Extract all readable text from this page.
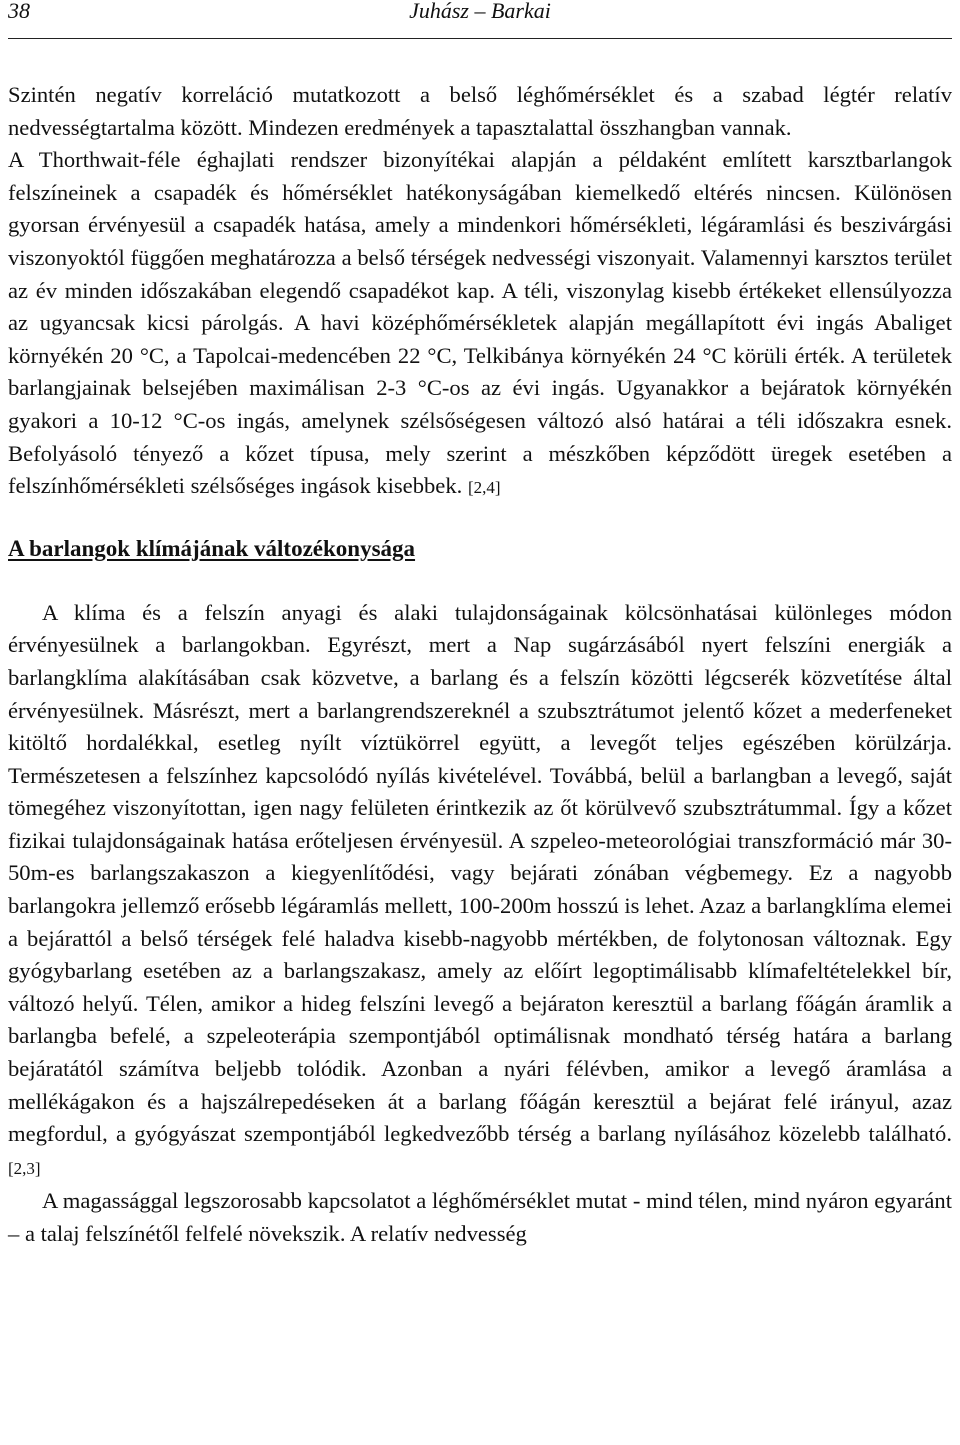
38	Juhász – Barkai

Szintén negatív korreláció mutatkozott a belső léghőmérséklet és a szabad légtér relatív nedvességtartalma között. Mindezen eredmények a tapasztalattal összhangban vannak.

A Thorthwait-féle éghajlati rendszer bizonyítékai alapján a példaként említett karsztbarlangok felszíneinek a csapadék és hőmérséklet hatékonyságában kiemelkedő eltérés nincsen. Különösen gyorsan érvényesül a csapadék hatása, amely a mindenkori hőmérsékleti, légáramlási és beszivárgási viszonyoktól függően meghatározza a belső térségek nedvességi viszonyait. Valamennyi karsztos terület az év minden időszakában elegendő csapadékot kap. A téli, viszonylag kisebb értékeket ellensúlyozza az ugyancsak kicsi párolgás. A havi középhőmérsékletek alapján megállapított évi ingás Abaliget környékén 20 °C, a Tapolcai-medencében 22 °C, Telkibánya környékén 24 °C körüli érték. A területek barlangjainak belsejében maximálisan 2-3 °C-os az évi ingás. Ugyanakkor a bejáratok környékén gyakori a 10-12 °C-os ingás, amelynek szélsőségesen változó alsó határai a téli időszakra esnek. Befolyásoló tényező a kőzet típusa, mely szerint a mészkőben képződött üregek esetében a felszínhőmérsékleti szélsőséges ingások kisebbek. [2,4]

A barlangok klímájának változékonysága

A klíma és a felszín anyagi és alaki tulajdonságainak kölcsönhatásai különleges módon érvényesülnek a barlangokban. Egyrészt, mert a Nap sugárzásából nyert felszíni energiák a barlangklíma alakításában csak közvetve, a barlang és a felszín közötti légcserék közvetítése által érvényesülnek. Másrészt, mert a barlangrendszereknél a szubsztrátumot jelentő kőzet a mederfeneket kitöltő hordalékkal, esetleg nyílt víztükörrel együtt, a levegőt teljes egészében körülzárja. Természetesen a felszínhez kapcsolódó nyílás kivételével. Továbbá, belül a barlangban a levegő, saját tömegéhez viszonyítottan, igen nagy felületen érintkezik az őt körülvevő szubsztrátummal. Így a kőzet fizikai tulajdonságainak hatása erőteljesen érvényesül. A szpeleo-meteorológiai transzformáció már 30-50m-es barlangszakaszon a kiegyenlítődési, vagy bejárati zónában végbemegy. Ez a nagyobb barlangokra jellemző erősebb légáramlás mellett, 100-200m hosszú is lehet. Azaz a barlangklíma elemei a bejárattól a belső térségek felé haladva kisebb-nagyobb mértékben, de folytonosan változnak. Egy gyógybarlang esetében az a barlangszakasz, amely az előírt legoptimálisabb klímafeltételekkel bír, változó helyű. Télen, amikor a hideg felszíni levegő a bejáraton keresztül a barlang főágán áramlik a barlangba befelé, a szpeleoterápia szempontjából optimálisnak mondható térség határa a barlang bejáratától számítva beljebb tolódik. Azonban a nyári félévben, amikor a levegő áramlása a mellékágakon és a hajszálrepedéseken át a barlang főágán keresztül a bejárat felé irányul, azaz megfordul, a gyógyászat szempontjából legkedvezőbb térség a barlang nyílásához közelebb található. [2,3]

A magassággal legszorosabb kapcsolatot a léghőmérséklet mutat - mind télen, mind nyáron egyaránt – a talaj felszínétől felfelé növekszik. A relatív nedvesség
